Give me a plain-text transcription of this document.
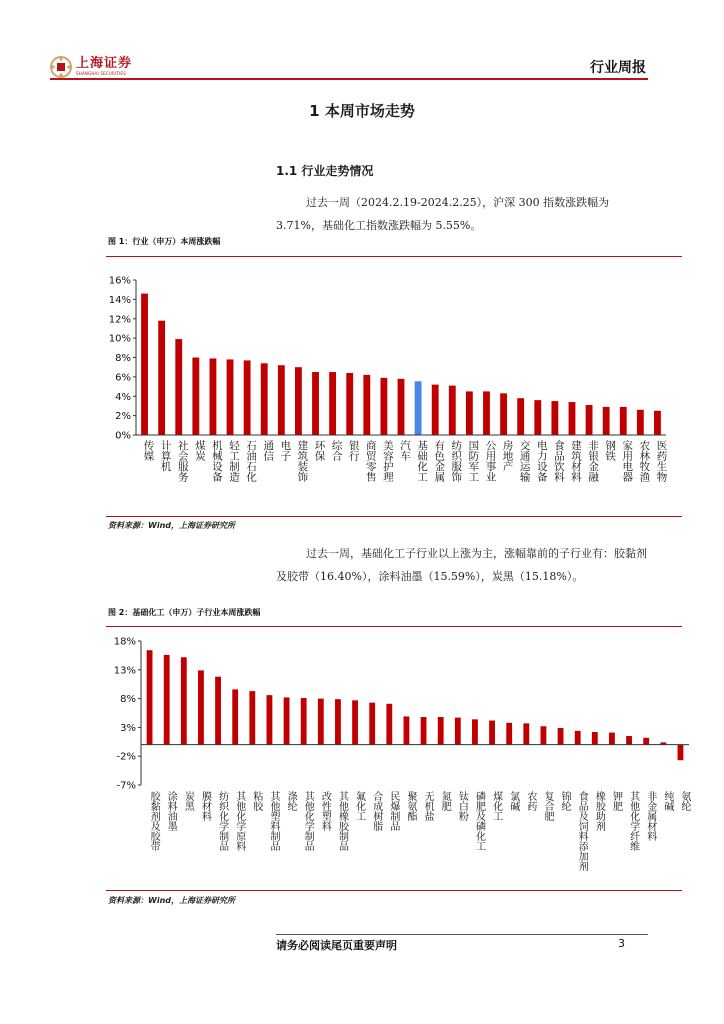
上海证券
SHANGHAI SECURITIES	行业周报
1 本周市场走势
1.1 行业走势情况
过去一周（2024.2.19-2024.2.25），沪深 300 指数涨跌幅为 3.71%，基础化工指数涨跌幅为 5.55%。
图 1：行业（申万）本周涨跌幅
0%
2%
4%
6%
8%
10%
12%
14%
16%
传媒 计算机 社会服务 煤炭 机械设备 轻工制造 石油石化 通信 电子 建筑装饰 环保 综合 银行 商贸零售 美容护理 汽车 基础化工 有色金属 纺织服饰 国防军工 公用事业 房地产 交通运输 电力设备 食品饮料 建筑材料 非银金融 钢铁 家用电器 农林牧渔 医药生物
资料来源：Wind，上海证券研究所
过去一周，基础化工子行业以上涨为主，涨幅靠前的子行业有：胶黏剂及胶带（16.40%），涂料油墨（15.59%），炭黑（15.18%）。
图 2：基础化工（申万）子行业本周涨跌幅
-7%
-2%
3%
8%
13%
18%
胶黏剂及胶带 涂料油墨 炭黑 膜材料 纺织化学制品 其他化学原料 粘胶 其他塑料制品 涤纶 其他化学制品 改性塑料 其他橡胶制品 氟化工 合成树脂 民爆制品 聚氨酯 无机盐 氮肥 钛白粉 磷肥及磷化工 煤化工 氯碱 农药 复合肥 锦纶 食品及饲料添加剂 橡胶助剂 钾肥 其他化学纤维 非金属材料 纯碱 氨纶
资料来源：Wind，上海证券研究所
请务必阅读尾页重要声明	3
